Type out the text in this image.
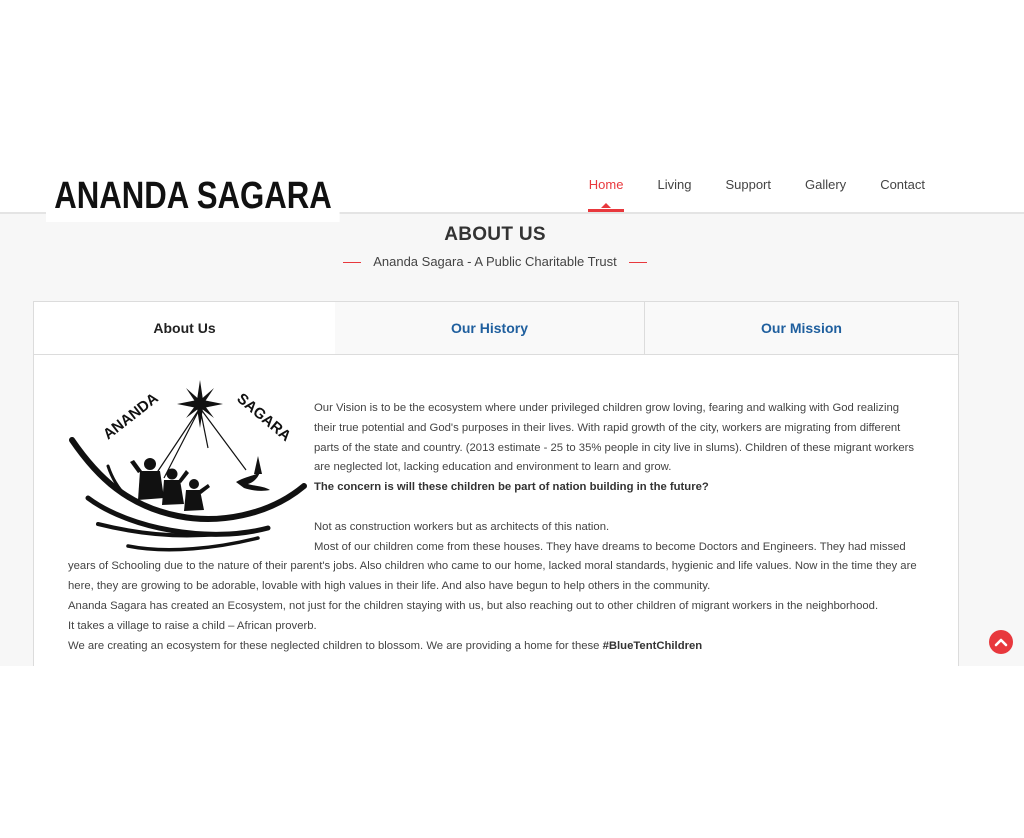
ANANDA SAGARA	Home	Living	Support	Gallery	Contact
ABOUT US
Ananda Sagara - A Public Charitable Trust
About Us	Our History	Our Mission
ANANDA	SAGARA	Our Vision is to be the ecosystem where under privileged children grow loving, fearing and walking with God realizing their true potential and God's purposes in their lives. With rapid growth of the city, workers are migrating from different parts of the state and country. (2013 estimate - 25 to 35% people in city live in slums). Children of these migrant workers are neglected lot, lacking education and environment to learn and grow.

The concern is will these children be part of nation building in the future?

Not as construction workers but as architects of this nation.

Most of our children come from these houses. They have dreams to become Doctors and Engineers. They had missed years of Schooling due to the nature of their parent's jobs. Also children who came to our home, lacked moral standards, hygienic and life values. Now in the time they are here, they are growing to be adorable, lovable with high values in their life. And also have begun to help others in the community.

Ananda Sagara has created an Ecosystem, not just for the children staying with us, but also reaching out to other children of migrant workers in the neighborhood.

It takes a village to raise a child – African proverb.

We are creating an ecosystem for these neglected children to blossom. We are providing a home for these #BlueTentChildren
